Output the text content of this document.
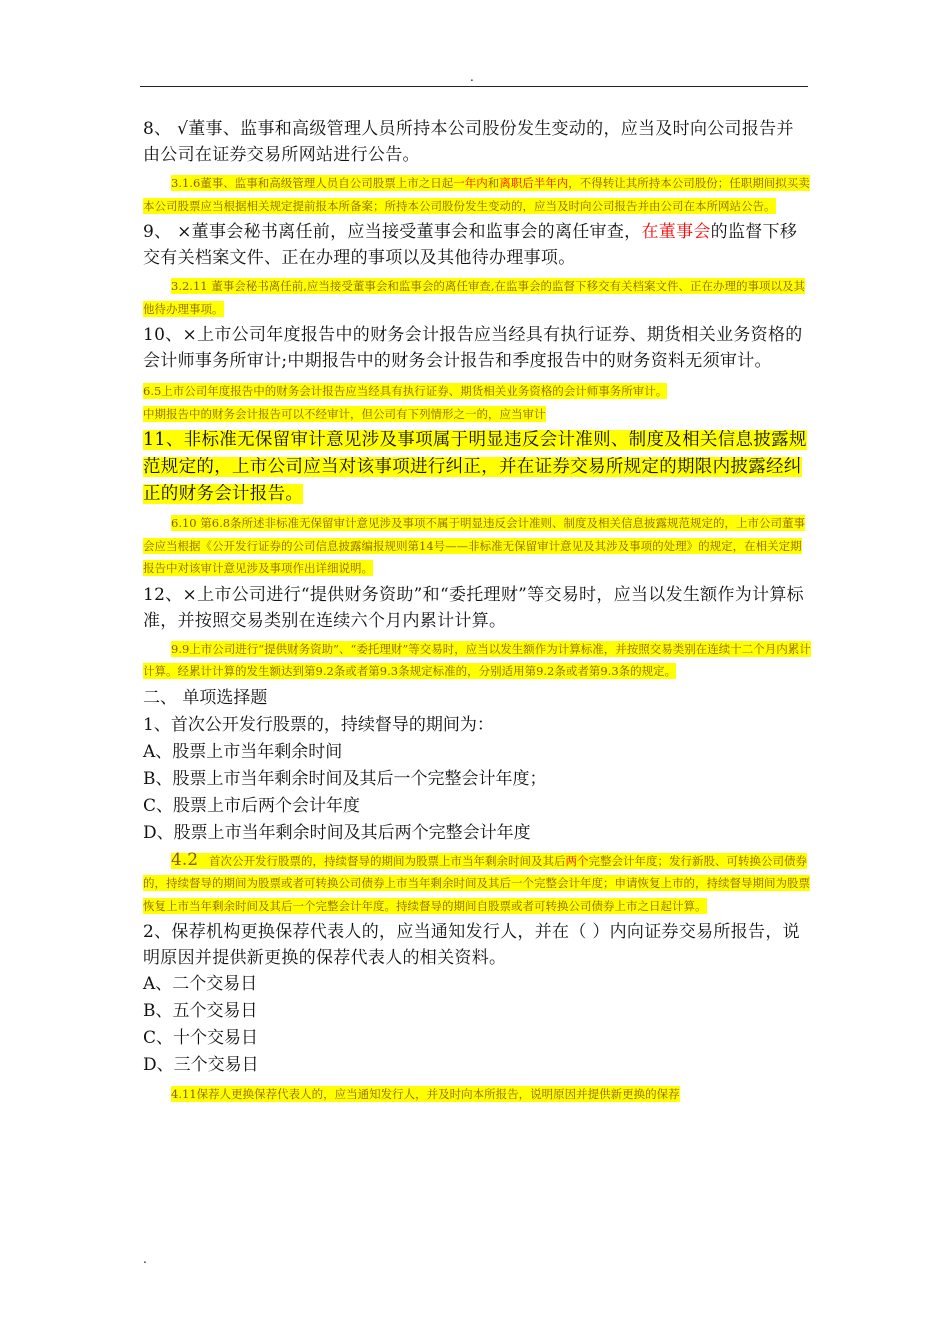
.

8、 √董事、监事和高级管理人员所持本公司股份发生变动的，应当及时向公司报告并由公司在证券交易所网站进行公告。

3.1.6董事、监事和高级管理人员自公司股票上市之日起一年内和离职后半年内，不得转让其所持本公司股份；任职期间拟买卖本公司股票应当根据相关规定提前报本所备案；所持本公司股份发生变动的，应当及时向公司报告并由公司在本所网站公告。

9、 ×董事会秘书离任前，应当接受董事会和监事会的离任审查，在董事会的监督下移交有关档案文件、正在办理的事项以及其他待办理事项。

3.2.11 董事会秘书离任前,应当接受董事会和监事会的离任审查,在监事会的监督下移交有关档案文件、正在办理的事项以及其他待办理事项。

10、×上市公司年度报告中的财务会计报告应当经具有执行证券、期货相关业务资格的会计师事务所审计;中期报告中的财务会计报告和季度报告中的财务资料无须审计。

6.5上市公司年度报告中的财务会计报告应当经具有执行证券、期货相关业务资格的会计师事务所审计。
中期报告中的财务会计报告可以不经审计，但公司有下列情形之一的，应当审计

11、非标准无保留审计意见涉及事项属于明显违反会计准则、制度及相关信息披露规范规定的，上市公司应当对该事项进行纠正，并在证券交易所规定的期限内披露经纠正的财务会计报告。

6.10 第6.8条所述非标准无保留审计意见涉及事项不属于明显违反会计准则、制度及相关信息披露规范规定的，上市公司董事会应当根据《公开发行证券的公司信息披露编报规则第14号——非标准无保留审计意见及其涉及事项的处理》的规定，在相关定期报告中对该审计意见涉及事项作出详细说明。

12、×上市公司进行“提供财务资助”和“委托理财”等交易时，应当以发生额作为计算标准，并按照交易类别在连续六个月内累计计算。

9.9上市公司进行“提供财务资助”、“委托理财”等交易时，应当以发生额作为计算标准，并按照交易类别在连续十二个月内累计计算。经累计计算的发生额达到第9.2条或者第9.3条规定标准的，分别适用第9.2条或者第9.3条的规定。

二、 单项选择题

1、首次公开发行股票的，持续督导的期间为：

A、股票上市当年剩余时间

B、股票上市当年剩余时间及其后一个完整会计年度；

C、股票上市后两个会计年度

D、股票上市当年剩余时间及其后两个完整会计年度

4.2 首次公开发行股票的，持续督导的期间为股票上市当年剩余时间及其后两个完整会计年度；发行新股、可转换公司债券的，持续督导的期间为股票或者可转换公司债券上市当年剩余时间及其后一个完整会计年度；申请恢复上市的，持续督导期间为股票恢复上市当年剩余时间及其后一个完整会计年度。持续督导的期间自股票或者可转换公司债券上市之日起计算。

2、保荐机构更换保荐代表人的，应当通知发行人，并在（ ）内向证券交易所报告，说明原因并提供新更换的保荐代表人的相关资料。

A、二个交易日

B、五个交易日

C、十个交易日

D、三个交易日

4.11保荐人更换保荐代表人的，应当通知发行人，并及时向本所报告，说明原因并提供新更换的保荐

.
